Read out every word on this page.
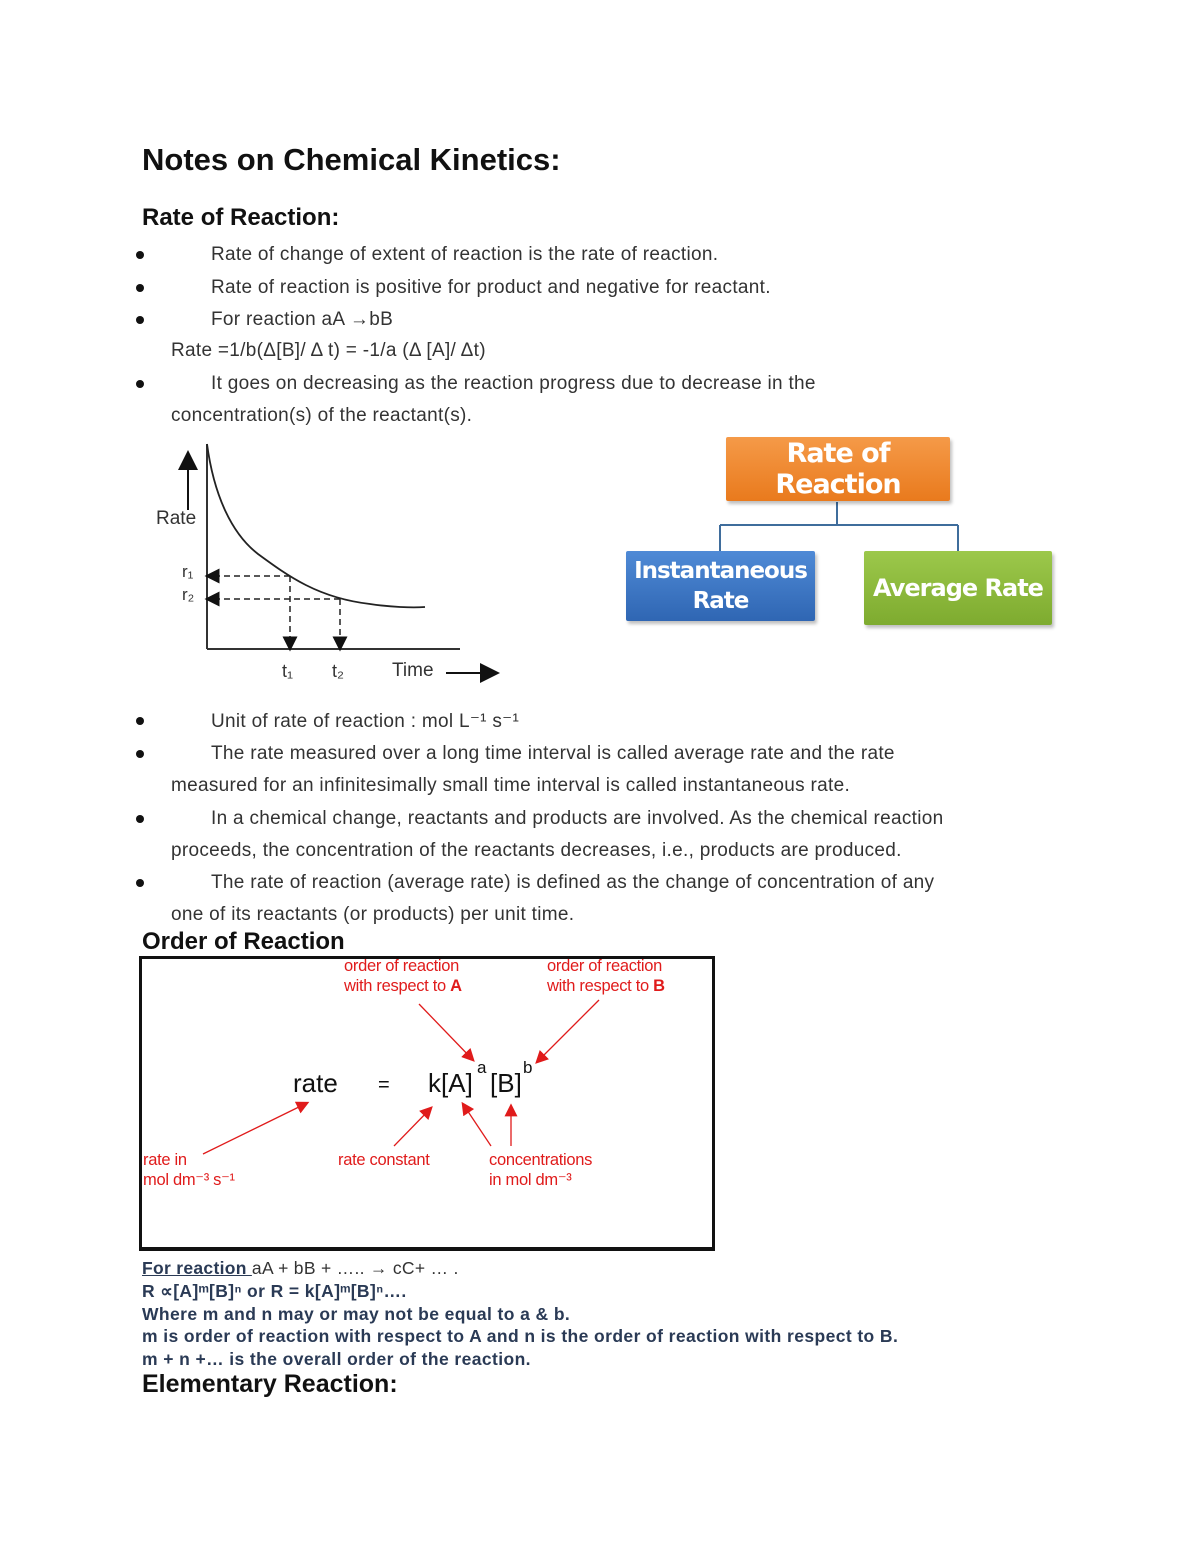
Notes on Chemical Kinetics:
Rate of Reaction:
Rate of change of extent of reaction is the rate of reaction.
Rate of reaction is positive for product and negative for reactant.
For reaction aA →bB
Rate =1/b(Δ[B]/ Δ t) = -1/a (Δ [A]/ Δt)
It goes on decreasing as the reaction progress due to decrease in the
concentration(s) of the reactant(s).
Rate
r₁
r₂
t₁ t₂	Time
Rate of Reaction
Instantaneous
Rate	Average Rate
Unit of rate of reaction : mol L⁻¹ s⁻¹
The rate measured over a long time interval is called average rate and the rate
measured for an infinitesimally small time interval is called instantaneous rate.
In a chemical change, reactants and products are involved. As the chemical reaction
proceeds, the concentration of the reactants decreases, i.e., products are produced.
The rate of reaction (average rate) is defined as the change of concentration of any
one of its reactants (or products) per unit time.
Order of Reaction
order of reaction
with respect to A
order of reaction
with respect to B
rate = k[A]
a
[B]
b
rate in
mol dm⁻³ s⁻¹
rate constant	concentrations
in mol dm⁻³
For reaction aA + bB + ….. → cC+ … .
R ∝[A]ᵐ[B]ⁿ or R = k[A]ᵐ[B]ⁿ….
Where m and n may or may not be equal to a & b.
m is order of reaction with respect to A and n is the order of reaction with respect to B.
m + n +… is the overall order of the reaction.
Elementary Reaction:
